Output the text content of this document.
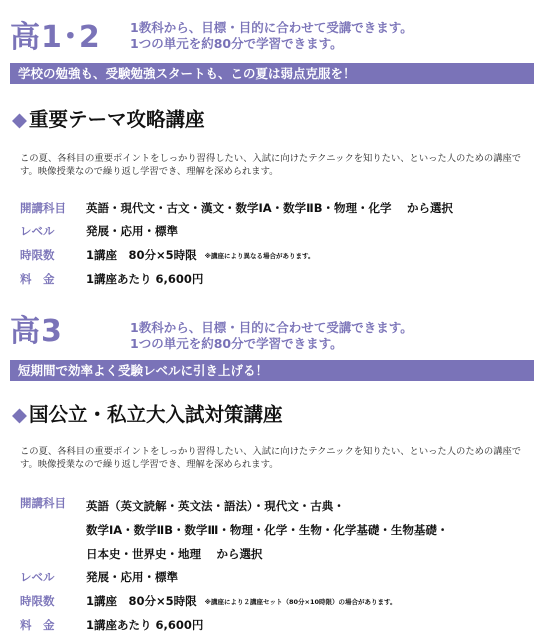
高1･2 1教科から、目標・目的に合わせて受講できます。
1つの単元を約80分で学習できます。
学校の勉強も、受験勉強スタートも、この夏は弱点克服を！
◆ 重要テーマ攻略講座
この夏、各科目の重要ポイントをしっかり習得したい、入試に向けたテクニックを知りたい、といった人のための講座です。映像授業なので繰り返し学習でき、理解を深められます。
開講科目 英語・現代文・古文・漢文・数学ⅠA・数学ⅡB・物理・化学　 から選択
レベル	発展・応用・標準
時限数	1講座　80分×5時限 ※講座により異なる場合があります。
料　金	1講座あたり 6,600円
高3	1教科から、目標・目的に合わせて受講できます。
1つの単元を約80分で学習できます。
短期間で効率よく受験レベルに引き上げる！
◆ 国公立・私立大入試対策講座
この夏、各科目の重要ポイントをしっかり習得したい、入試に向けたテクニックを知りたい、といった人のための講座です。映像授業なので繰り返し学習でき、理解を深められます。
開講科目 英語（英文読解・英文法・語法）・現代文・古典・
数学ⅠA・数学ⅡB・数学Ⅲ・物理・化学・生物・化学基礎・生物基礎・
日本史・世界史・地理　 から選択
レベル	発展・応用・標準
時限数	1講座　80分×5時限 ※講座により２講座セット（80分×10時限）の場合があります。
料　金	1講座あたり 6,600円
